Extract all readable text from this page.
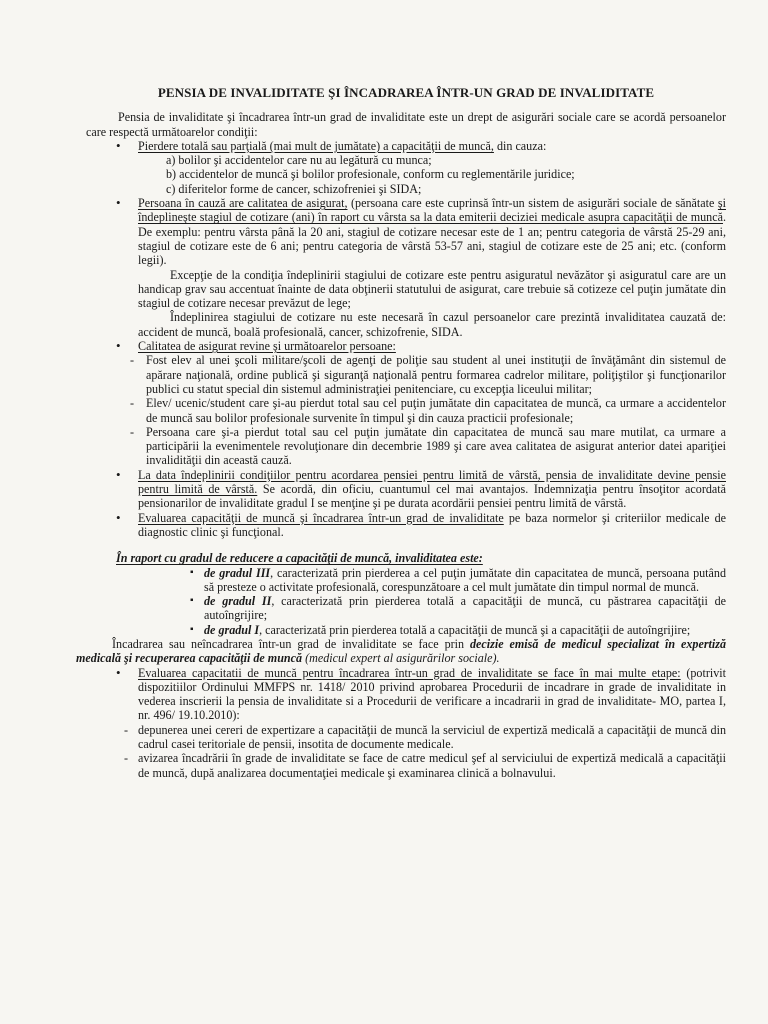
PENSIA DE INVALIDITATE ŞI ÎNCADRAREA ÎNTR-UN GRAD DE INVALIDITATE

Pensia de invaliditate şi încadrarea într-un grad de invaliditate este un drept de asigurări sociale care se acordă persoanelor care respectă următoarelor condiţii:

• Pierdere totală sau parţială (mai mult de jumătate) a capacităţii de muncă, din cauza:

a) bolilor şi accidentelor care nu au legătură cu munca;

b) accidentelor de muncă şi bolilor profesionale, conform cu reglementările juridice;

c) diferitelor forme de cancer, schizofreniei şi SIDA;

• Persoana în cauză are calitatea de asigurat, (persoana care este cuprinsă într-un sistem de asigurări sociale de sănătate şi îndeplineşte stagiul de cotizare (ani) în raport cu vârsta sa la data emiterii deciziei medicale asupra capacităţii de muncă. De exemplu: pentru vârsta până la 20 ani, stagiul de cotizare necesar este de 1 an; pentru categoria de vârstă 25-29 ani, stagiul de cotizare este de 6 ani; pentru categoria de vârstă 53-57 ani, stagiul de cotizare este de 25 ani; etc. (conform legii).

Excepţie de la condiţia îndeplinirii stagiului de cotizare este pentru asiguratul nevăzător şi asiguratul care are un handicap grav sau accentuat înainte de data obţinerii statutului de asigurat, care trebuie să cotizeze cel puţin jumătate din stagiul de cotizare necesar prevăzut de lege;

Îndeplinirea stagiului de cotizare nu este necesară în cazul persoanelor care prezintă invaliditatea cauzată de: accident de muncă, boală profesională, cancer, schizofrenie, SIDA.

• Calitatea de asigurat revine şi următoarelor persoane:

- Fost elev al unei şcoli militare/şcoli de agenţi de poliţie sau student al unei instituţii de învăţământ din sistemul de apărare naţională, ordine publică şi siguranţă naţională pentru formarea cadrelor militare, poliţiştilor şi funcţionarilor publici cu statut special din sistemul administraţiei penitenciare, cu excepţia liceului militar;

- Elev/ ucenic/student care şi-au pierdut total sau cel puţin jumătate din capacitatea de muncă, ca urmare a accidentelor de muncă sau bolilor profesionale survenite în timpul şi din cauza practicii profesionale;

- Persoana care şi-a pierdut total sau cel puţin jumătate din capacitatea de muncă sau mare mutilat, ca urmare a participării la evenimentele revoluţionare din decembrie 1989 şi care avea calitatea de asigurat anterior datei apariţiei invalidităţii din această cauză.

• La data îndeplinirii condiţiilor pentru acordarea pensiei pentru limită de vârstă, pensia de invaliditate devine pensie pentru limită de vârstă. Se acordă, din oficiu, cuantumul cel mai avantajos. Indemnizaţia pentru însoţitor acordată pensionarilor de invaliditate gradul I se menţine şi pe durata acordării pensiei pentru limită de vârstă.
• Evaluarea capacităţii de muncă şi încadrarea într-un grad de invaliditate pe baza normelor şi criteriilor medicale de diagnostic clinic şi funcţional.

În raport cu gradul de reducere a capacităţii de muncă, invaliditatea este:

▪ de gradul III, caracterizată prin pierderea a cel puţin jumătate din capacitatea de muncă, persoana putând să presteze o activitate profesională, corespunzătoare a cel mult jumătate din timpul normal de muncă.

▪ de gradul II, caracterizată prin pierderea totală a capacităţii de muncă, cu păstrarea capacităţii de autoîngrijire;

▪ de gradul I, caracterizată prin pierderea totală a capacităţii de muncă şi a capacităţii de autoîngrijire;

Încadrarea sau neîncadrarea într-un grad de invaliditate se face prin decizie emisă de medicul specializat în expertiză medicală şi recuperarea capacităţii de muncă (medicul expert al asigurărilor sociale).

• Evaluarea capacitatii de muncă pentru încadrarea într-un grad de invaliditate se face în mai multe etape: (potrivit dispozitiilor Ordinului MMFPS nr. 1418/ 2010 privind aprobarea Procedurii de incadrare in grade de invaliditate in vederea inscrierii la pensia de invaliditate si a Procedurii de verificare a incadrarii in grad de invaliditate- MO, partea I, nr. 496/ 19.10.2010):

- depunerea unei cereri de expertizare a capacităţii de muncă la serviciul de expertiză medicală a capacităţii de muncă din cadrul casei teritoriale de pensii, insotita de documente medicale.

- avizarea încadrării în grade de invaliditate se face de catre medicul şef al serviciului de expertiză medicală a capacităţii de muncă, după analizarea documentaţiei medicale şi examinarea clinică a bolnavului.
